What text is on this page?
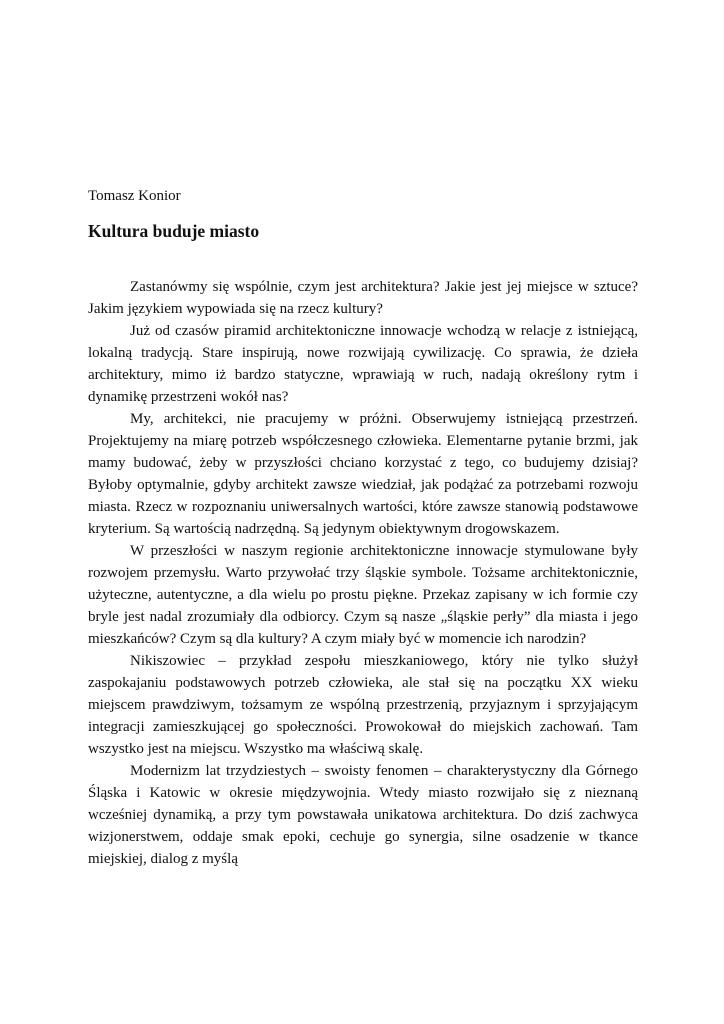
Tomasz Konior

Kultura buduje miasto

Zastanówmy się wspólnie, czym jest architektura? Jakie jest jej miejsce w sztuce? Jakim językiem wypowiada się na rzecz kultury?

Już od czasów piramid architektoniczne innowacje wchodzą w relacje z istniejącą, lokalną tradycją. Stare inspirują, nowe rozwijają cywilizację. Co sprawia, że dzieła architektury, mimo iż bardzo statyczne, wprawiają w ruch, nadają określony rytm i dynamikę przestrzeni wokół nas?

My, architekci, nie pracujemy w próżni. Obserwujemy istniejącą przestrzeń. Projektujemy na miarę potrzeb współczesnego człowieka. Elementarne pytanie brzmi, jak mamy budować, żeby w przyszłości chciano korzystać z tego, co budujemy dzisiaj? Byłoby optymalnie, gdyby architekt zawsze wiedział, jak podążać za potrzebami rozwoju miasta. Rzecz w rozpoznaniu uniwersalnych wartości, które zawsze stanowią podstawowe kryterium. Są wartością nadrzędną. Są jedynym obiektywnym drogowskazem.

W przeszłości w naszym regionie architektoniczne innowacje stymulowane były rozwojem przemysłu. Warto przywołać trzy śląskie symbole. Tożsame architektonicznie, użyteczne, autentyczne, a dla wielu po prostu piękne. Przekaz zapisany w ich formie czy bryle jest nadal zrozumiały dla odbiorcy. Czym są nasze „śląskie perły” dla miasta i jego mieszkańców? Czym są dla kultury? A czym miały być w momencie ich narodzin?

Nikiszowiec – przykład zespołu mieszkaniowego, który nie tylko służył zaspokajaniu podstawowych potrzeb człowieka, ale stał się na początku XX wieku miejscem prawdziwym, tożsamym ze wspólną przestrzenią, przyjaznym i sprzyjającym integracji zamieszkującej go społeczności. Prowokował do miejskich zachowań. Tam wszystko jest na miejscu. Wszystko ma właściwą skalę.

Modernizm lat trzydziestych – swoisty fenomen – charakterystyczny dla Górnego Śląska i Katowic w okresie międzywojnia. Wtedy miasto rozwijało się z nieznaną wcześniej dynamiką, a przy tym powstawała unikatowa architektura. Do dziś zachwyca wizjonerstwem, oddaje smak epoki, cechuje go synergia, silne osadzenie w tkance miejskiej, dialog z myślą
